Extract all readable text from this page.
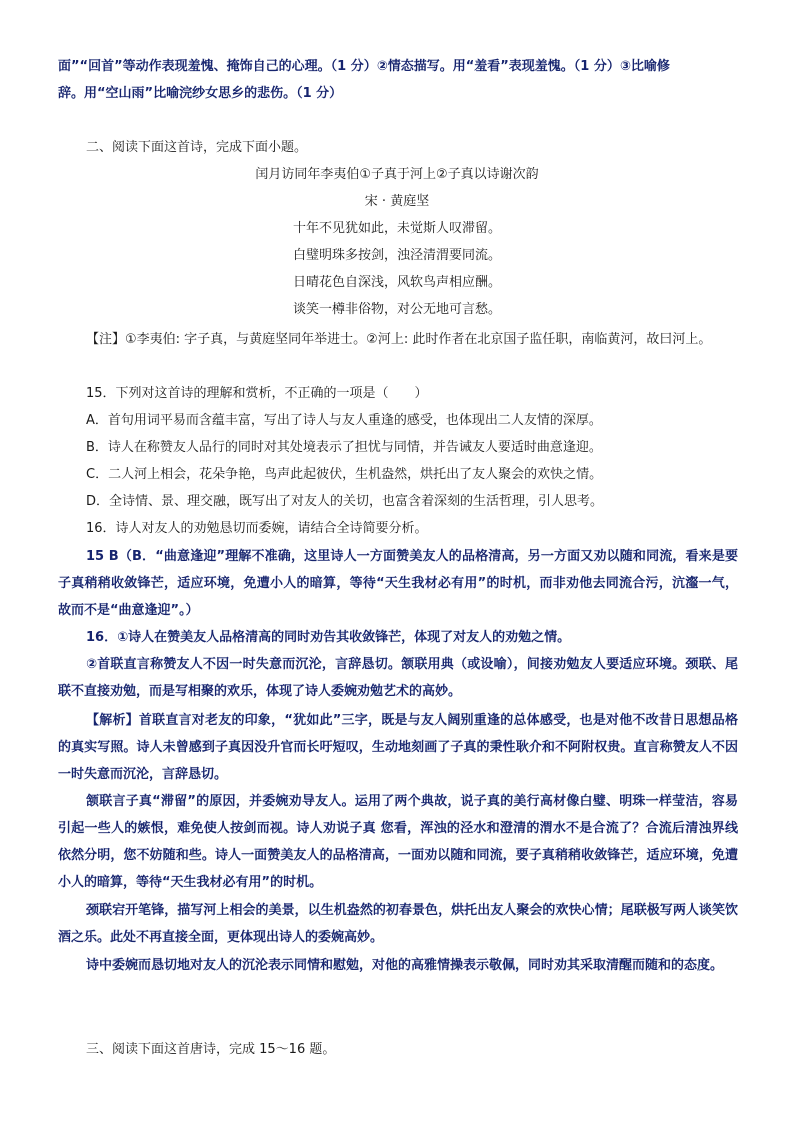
面”“回首”等动作表现羞愧、掩饰自己的心理。（1 分）②情态描写。用“羞看”表现羞愧。（1 分）③比喻修
辞。用“空山雨”比喻浣纱女思乡的悲伤。（1 分）

二、阅读下面这首诗，完成下面小题。

闰月访同年李夷伯①子真于河上②子真以诗谢次韵

宋 · 黄庭坚

十年不见犹如此，未觉斯人叹滞留。

白璧明珠多按剑，浊泾清渭要同流。

日晴花色自深浅，风软鸟声相应酬。

谈笑一樽非俗物，对公无地可言愁。

【注】①李夷伯: 字子真，与黄庭坚同年举进士。②河上: 此时作者在北京国子监任职，南临黄河，故曰河上。

15．下列对这首诗的理解和赏析，不正确的一项是（　　）

A．首句用词平易而含蕴丰富，写出了诗人与友人重逢的感受，也体现出二人友情的深厚。

B．诗人在称赞友人品行的同时对其处境表示了担忧与同情，并告诫友人要适时曲意逢迎。

C．二人河上相会，花朵争艳，鸟声此起彼伏，生机盎然，烘托出了友人聚会的欢快之情。

D．全诗情、景、理交融，既写出了对友人的关切，也富含着深刻的生活哲理，引人思考。

16．诗人对友人的劝勉恳切而委婉，请结合全诗简要分析。

15 B（B．“曲意逢迎”理解不准确，这里诗人一方面赞美友人的品格清高，另一方面又劝以随和同流，看来是要子真稍稍收敛锋芒，适应环境，免遭小人的暗算，等待“天生我材必有用”的时机，而非劝他去同流合污，沆瀣一气，故而不是“曲意逢迎”。）

16．①诗人在赞美友人品格清高的同时劝告其收敛锋芒，体现了对友人的劝勉之情。

②首联直言称赞友人不因一时失意而沉沦，言辞恳切。颔联用典（或设喻），间接劝勉友人要适应环境。颈联、尾联不直接劝勉，而是写相聚的欢乐，体现了诗人委婉劝勉艺术的高妙。

【解析】首联直言对老友的印象，“犹如此”三字，既是与友人阔别重逢的总体感受，也是对他不改昔日思想品格的真实写照。诗人未曾感到子真因没升官而长吁短叹，生动地刻画了子真的秉性耿介和不阿附权贵。直言称赞友人不因一时失意而沉沦，言辞恳切。

颔联言子真“滞留”的原因，并委婉劝导友人。运用了两个典故，说子真的美行高材像白璧、明珠一样莹洁，容易引起一些人的嫉恨，难免使人按剑而视。诗人劝说子真 您看，浑浊的泾水和澄清的渭水不是合流了？合流后清浊界线依然分明，您不妨随和些。诗人一面赞美友人的品格清高，一面劝以随和同流，要子真稍稍收敛锋芒，适应环境，免遭小人的暗算，等待“天生我材必有用”的时机。

颈联宕开笔锋，描写河上相会的美景，以生机盎然的初春景色，烘托出友人聚会的欢快心情；尾联极写两人谈笑饮酒之乐。此处不再直接全面，更体现出诗人的委婉高妙。

诗中委婉而恳切地对友人的沉沦表示同情和慰勉，对他的高雅情操表示敬佩，同时劝其采取清醒而随和的态度。

三、阅读下面这首唐诗，完成 15～16 题。
